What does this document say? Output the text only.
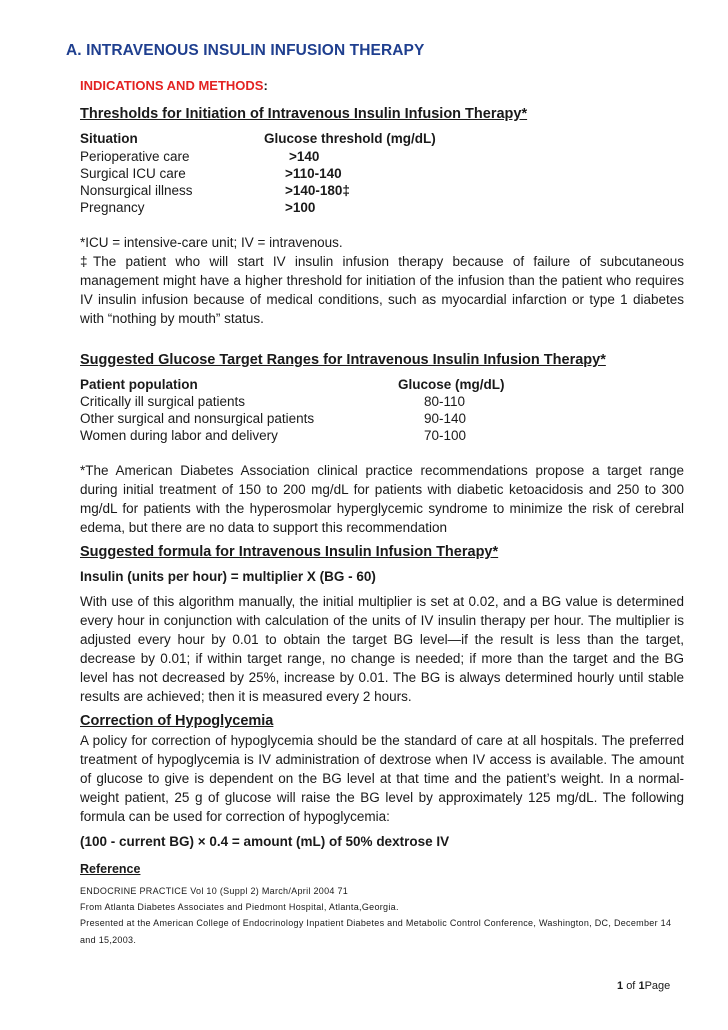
A. INTRAVENOUS INSULIN INFUSION THERAPY
INDICATIONS AND METHODS:
Thresholds for Initiation of Intravenous Insulin Infusion Therapy*
Situation	Glucose threshold (mg/dL)
Perioperative care	>140
Surgical ICU care	>110-140
Nonsurgical illness	>140-180‡
Pregnancy	>100
*ICU = intensive-care unit; IV = intravenous.
‡The patient who will start IV insulin infusion therapy because of failure of subcutaneous management might have a higher threshold for initiation of the infusion than the patient who requires IV insulin infusion because of medical conditions, such as myocardial infarction or type 1 diabetes with “nothing by mouth” status.
Suggested Glucose Target Ranges for Intravenous Insulin Infusion Therapy*
Patient population	Glucose (mg/dL)
Critically ill surgical patients	80-110
Other surgical and nonsurgical patients	90-140
Women during labor and delivery	70-100
*The American Diabetes Association clinical practice recommendations propose a target range during initial treatment of 150 to 200 mg/dL for patients with diabetic ketoacidosis and 250 to 300 mg/dL for patients with the hyperosmolar hyperglycemic syndrome to minimize the risk of cerebral edema, but there are no data to support this recommendation
Suggested formula for Intravenous Insulin Infusion Therapy*
Insulin (units per hour) = multiplier X (BG - 60)
With use of this algorithm manually, the initial multiplier is set at 0.02, and a BG value is determined every hour in conjunction with calculation of the units of IV insulin therapy per hour. The multiplier is adjusted every hour by 0.01 to obtain the target BG level—if the result is less than the target, decrease by 0.01; if within target range, no change is needed; if more than the target and the BG level has not decreased by 25%, increase by 0.01. The BG is always determined hourly until stable results are achieved; then it is measured every 2 hours.
Correction of Hypoglycemia
A policy for correction of hypoglycemia should be the standard of care at all hospitals. The preferred treatment of hypoglycemia is IV administration of dextrose when IV access is available. The amount of glucose to give is dependent on the BG level at that time and the patient’s weight. In a normal-weight patient, 25 g of glucose will raise the BG level by approximately 125 mg/dL. The following formula can be used for correction of hypoglycemia:
(100 - current BG) × 0.4 = amount (mL) of 50% dextrose IV
Reference
ENDOCRINE PRACTICE Vol 10 (Suppl 2) March/April 2004 71
From Atlanta Diabetes Associates and Piedmont Hospital, Atlanta,Georgia.
Presented at the American College of Endocrinology Inpatient Diabetes and Metabolic Control Conference, Washington, DC, December 14
and 15,2003.
1 of 1Page
